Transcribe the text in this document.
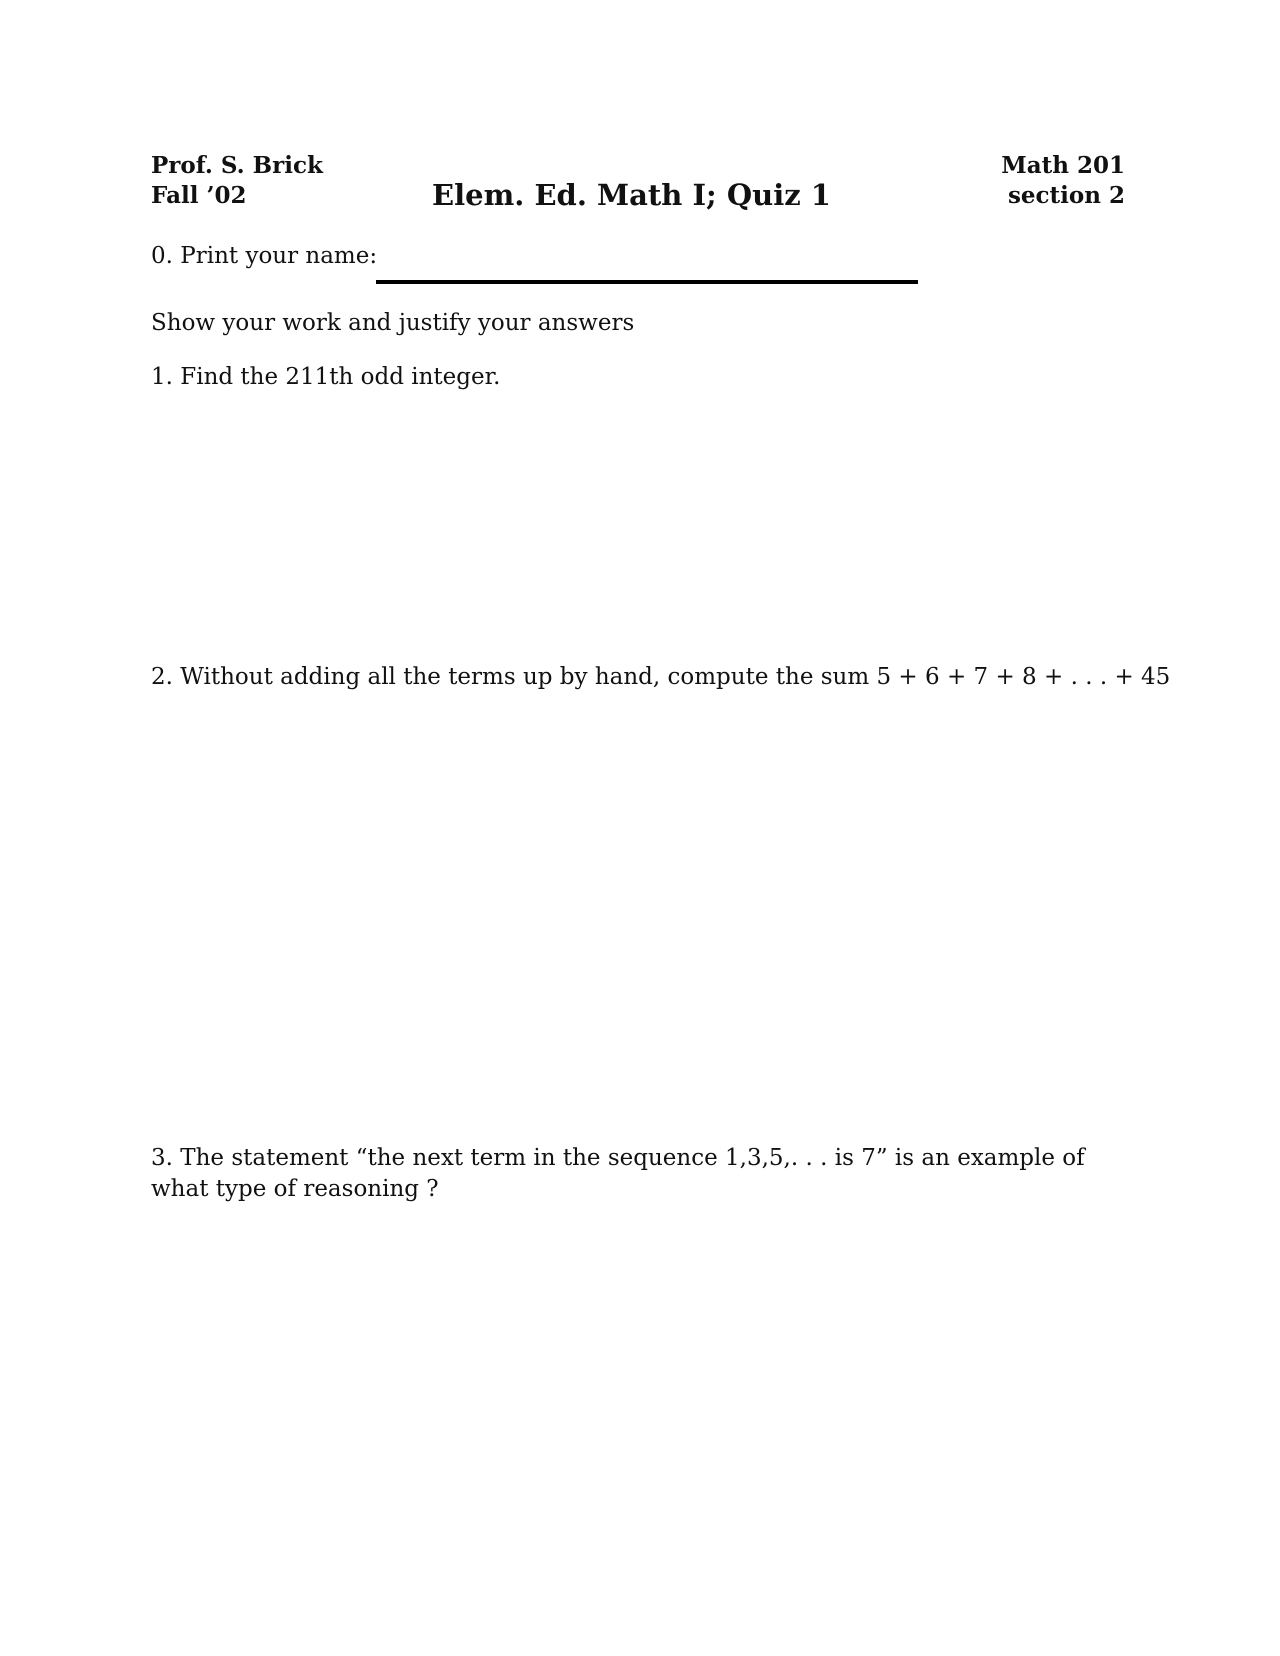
Prof. S. Brick
Fall ’02	Elem. Ed. Math I; Quiz 1
Math 201
section 2
0. Print your name:
Show your work and justify your answers
1. Find the 211th odd integer.
2. Without adding all the terms up by hand, compute the sum 5 + 6 + 7 + 8 + . . . + 45
3. The statement “the next term in the sequence 1,3,5,. . . is 7” is an example of what type of reasoning ?
